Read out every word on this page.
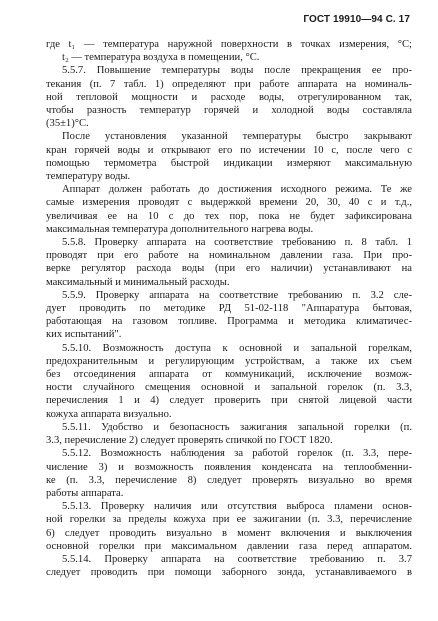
ГОСТ 19910—94 С. 17
где t₁ — температура наружной поверхности в точках измерения, °С;
t₂ — температура воздуха в помещении, °С.
5.5.7. Повышение температуры воды после прекращения ее про-
текания (п. 7 табл. 1) определяют при работе аппарата на номиналь-
ной тепловой мощности и расходе воды, отрегулированном так,
чтобы разность температур горячей и холодной воды составляла
(35±1)°С.
После установления указанной температуры быстро закрывают
кран горячей воды и открывают его по истечении 10 с, после чего с
помощью термометра быстрой индикации измеряют максимальную
температуру воды.
Аппарат должен работать до достижения исходного режима. Те же
самые измерения проводят с выдержкой времени 20, 30, 40 с и т.д.,
увеличивая ее на 10 с до тех пор, пока не будет зафиксирована
максимальная температура дополнительного нагрева воды.
5.5.8. Проверку аппарата на соответствие требованию п. 8 табл. 1
проводят при его работе на номинальном давлении газа. При про-
верке регулятор расхода воды (при его наличии) устанавливают на
максимальный и минимальный расходы.
5.5.9. Проверку аппарата на соответствие требованию п. 3.2 сле-
дует проводить по методике РД 51-02-118 "Аппаратура бытовая,
работающая на газовом топливе. Программа и методика климатичес-
ких испытаний".
5.5.10. Возможность доступа к основной и запальной горелкам,
предохранительным и регулирующим устройствам, а также их съем
без отсоединения аппарата от коммуникаций, исключение возмож-
ности случайного смещения основной и запальной горелок (п. 3.3,
перечисления 1 и 4) следует проверить при снятой лицевой части
кожуха аппарата визуально.
5.5.11. Удобство и безопасность зажигания запальной горелки (п.
3.3, перечисление 2) следует проверять спичкой по ГОСТ 1820.
5.5.12. Возможность наблюдения за работой горелок (п. 3.3, пере-
числение 3) и возможность появления конденсата на теплообменни-
ке (п. 3.3, перечисление 8) следует проверять визуально во время
работы аппарата.
5.5.13. Проверку наличия или отсутствия выброса пламени основ-
ной горелки за пределы кожуха при ее зажигании (п. 3.3, перечисление
6) следует проводить визуально в момент включения и выключения
основной горелки при максимальном давлении газа перед аппаратом.
5.5.14. Проверку аппарата на соответствие требованию п. 3.7
следует проводить при помощи заборного зонда, устанавливаемого в
